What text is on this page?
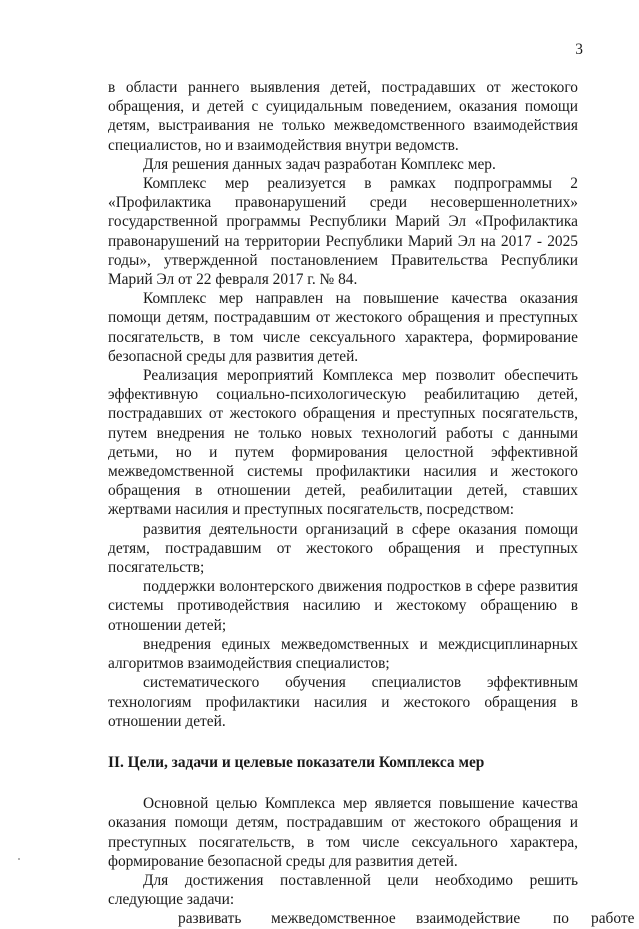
3

в области раннего выявления детей, пострадавших от жестокого обращения, и детей с суицидальным поведением, оказания помощи детям, выстраивания не только межведомственного взаимодействия специалистов, но и взаимодействия внутри ведомств.

Для решения данных задач разработан Комплекс мер.

Комплекс мер реализуется в рамках подпрограммы 2 «Профилактика правонарушений среди несовершеннолетних» государственной программы Республики Марий Эл «Профилактика правонарушений на территории Республики Марий Эл на 2017 - 2025 годы», утвержденной постановлением Правительства Республики Марий Эл от 22 февраля 2017 г. № 84.

Комплекс мер направлен на повышение качества оказания помощи детям, пострадавшим от жестокого обращения и преступных посягательств, в том числе сексуального характера, формирование безопасной среды для развития детей.

Реализация мероприятий Комплекса мер позволит обеспечить эффективную социально-психологическую реабилитацию детей, пострадавших от жестокого обращения и преступных посягательств, путем внедрения не только новых технологий работы с данными детьми, но и путем формирования целостной эффективной межведомственной системы профилактики насилия и жестокого обращения в отношении детей, реабилитации детей, ставших жертвами насилия и преступных посягательств, посредством:

развития деятельности организаций в сфере оказания помощи детям, пострадавшим от жестокого обращения и преступных посягательств;

поддержки волонтерского движения подростков в сфере развития системы противодействия насилию и жестокому обращению в отношении детей;

внедрения единых межведомственных и междисциплинарных алгоритмов взаимодействия специалистов;

систематического обучения специалистов эффективным технологиям профилактики насилия и жестокого обращения в отношении детей.

II. Цели, задачи и целевые показатели Комплекса мер

Основной целью Комплекса мер является повышение качества оказания помощи детям, пострадавшим от жестокого обращения и преступных посягательств, в том числе сексуального характера, формирование безопасной среды для развития детей.

Для достижения поставленной цели необходимо решить следующие задачи:

развивать межведомственное взаимодействие по работе
